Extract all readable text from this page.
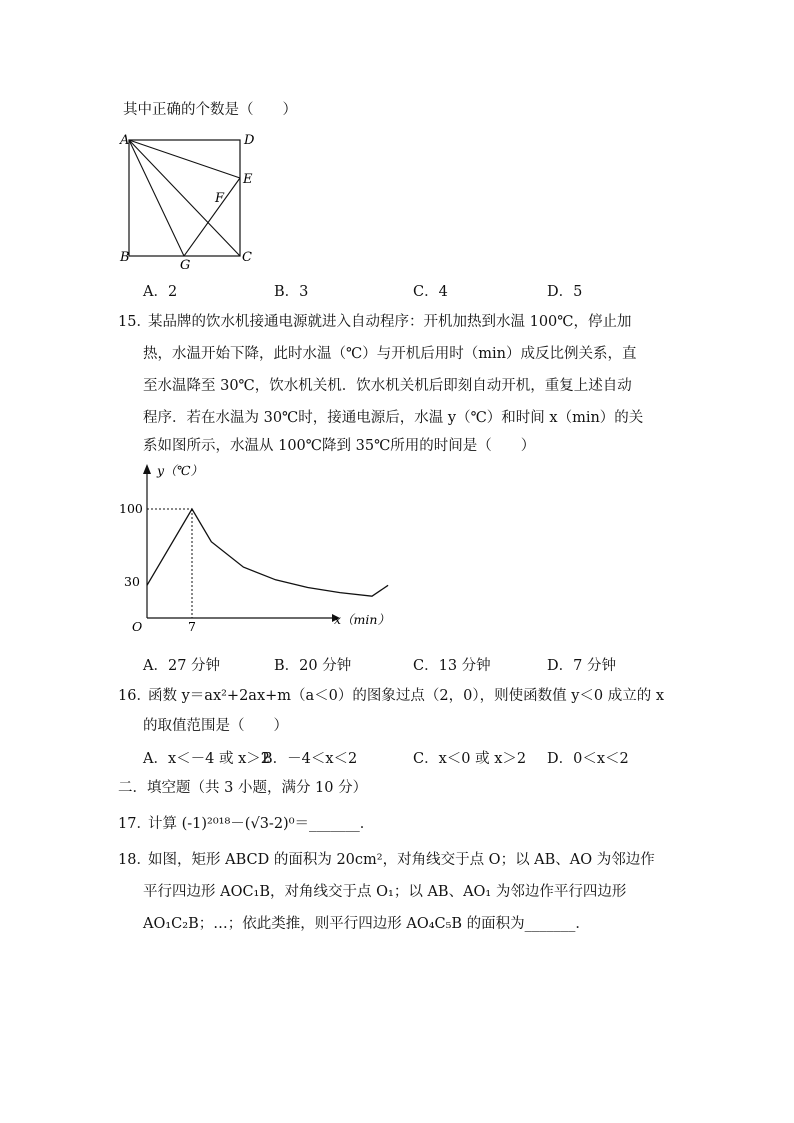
其中正确的个数是（　　）
A	D
E
F
B
G
C
A．2	B．3	C．4	D．5
15．
某品牌的饮水机接通电源就进入自动程序：开机加热到水温 100℃，停止加
热，水温开始下降，此时水温（℃）与开机后用时（min）成反比例关系，直
至水温降至 30℃，饮水机关机．饮水机关机后即刻自动开机，重复上述自动
程序．若在水温为 30℃时，接通电源后，水温 y（℃）和时间 x（min）的关
系如图所示，水温从 100℃降到 35℃所用的时间是（　　）
y（℃）
x（min）
O
100
30
7
A．27 分钟	B．20 分钟	C．13 分钟	D．7 分钟
16．
函数 y＝ax²+2ax+m（a＜0）的图象过点（2，0），则使函数值 y＜0 成立的 x
的取值范围是（　　）
A．x＜－4 或 x＞2
B．－4＜x＜2	C．x＜0 或 x＞2 D．0＜x＜2
二．填空题（共 3 小题，满分 10 分）
17．
计算 (-1)²⁰¹⁸－(√3-2)⁰＝_______．
18．
如图，矩形 ABCD 的面积为 20cm²，对角线交于点 O；以 AB、AO 为邻边作
平行四边形 AOC₁B，对角线交于点 O₁；以 AB、AO₁ 为邻边作平行四边形
AO₁C₂B；…；依此类推，则平行四边形 AO₄C₅B 的面积为_______．
